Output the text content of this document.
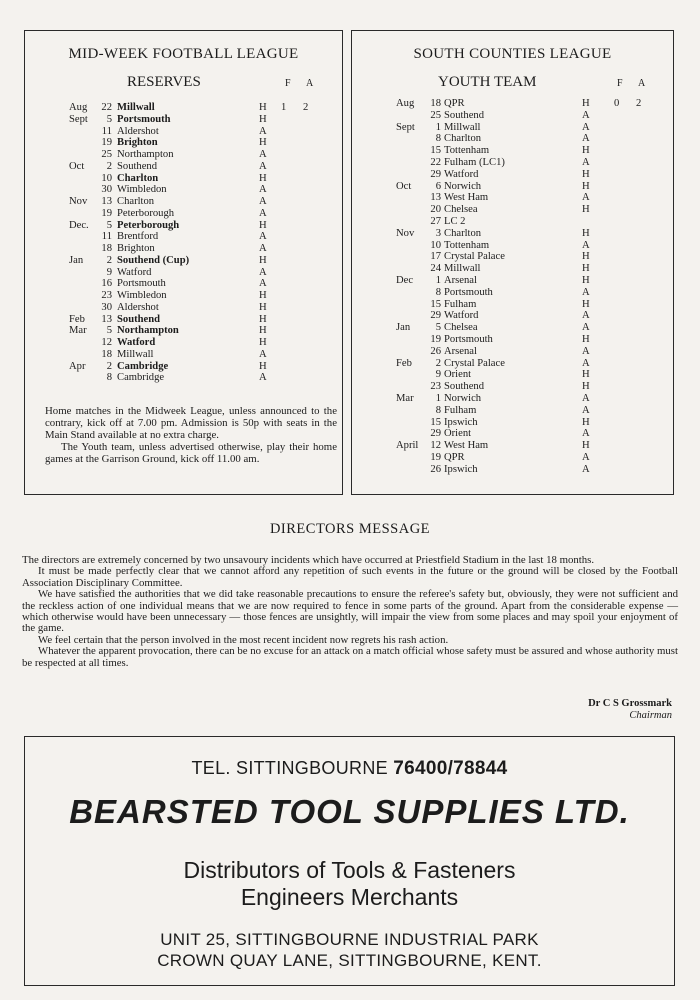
MID-WEEK FOOTBALL LEAGUE
RESERVES	F A
Aug	22 Millwall	H 1 2
Sept	5 Portsmouth	H
11 Aldershot	A
19 Brighton	H
25 Northampton	A
Oct	2 Southend	A
10 Charlton	H
30 Wimbledon	A
Nov	13 Charlton	A
19 Peterborough	A
Dec.	5 Peterborough	H
11 Brentford	A
18 Brighton	A
Jan	2 Southend (Cup)	H
9 Watford	A
16 Portsmouth	A
23 Wimbledon	H
30 Aldershot	H
Feb	13 Southend	H
Mar	5 Northampton	H
12 Watford	H
18 Millwall	A
Apr	2 Cambridge	H
8 Cambridge	A

Home matches in the Midweek League, unless announced to the contrary, kick off at 7.00 pm. Admission is 50p with seats in the Main Stand available at no extra charge.

The Youth team, unless advertised otherwise, play their home games at the Garrison Ground, kick off 11.00 am.

SOUTH COUNTIES LEAGUE
YOUTH TEAM	F A
Aug	18 QPR	H 0 2
25 Southend	A
Sept	1 Millwall	A
8 Charlton	A
15 Tottenham	H
22 Fulham (LC1)	A
29 Watford	H
Oct	6 Norwich	H
13 West Ham	A
20 Chelsea	H
27 LC 2
Nov	3 Charlton	H
10 Tottenham	A
17 Crystal Palace	H
24 Millwall	H
Dec	1 Arsenal	H
8 Portsmouth	A
15 Fulham	H
29 Watford	A
Jan	5 Chelsea	A
19 Portsmouth	H
26 Arsenal	A
Feb	2 Crystal Palace	A
9 Orient	H
23 Southend	H
Mar	1 Norwich	A
8 Fulham	A
15 Ipswich	H
29 Orient	A
April	12 West Ham	H
19 QPR	A
26 Ipswich	A
DIRECTORS MESSAGE

The directors are extremely concerned by two unsavoury incidents which have occurred at Priestfield Stadium in the last 18 months.

It must be made perfectly clear that we cannot afford any repetition of such events in the future or the ground will be closed by the Football Association Disciplinary Committee.

We have satisfied the authorities that we did take reasonable precautions to ensure the referee's safety but, obviously, they were not sufficient and the reckless action of one individual means that we are now required to fence in some parts of the ground. Apart from the considerable expense — which otherwise would have been unnecessary — those fences are unsightly, will impair the view from some places and may spoil your enjoyment of the game.

We feel certain that the person involved in the most recent incident now regrets his rash action.

Whatever the apparent provocation, there can be no excuse for an attack on a match official whose safety must be assured and whose authority must be respected at all times.

Dr C S Grossmark
Chairman
TEL. SITTINGBOURNE 76400/78844
BEARSTED TOOL SUPPLIES LTD.
Distributors of Tools & Fasteners
Engineers Merchants
UNIT 25, SITTINGBOURNE INDUSTRIAL PARK
CROWN QUAY LANE, SITTINGBOURNE, KENT.
